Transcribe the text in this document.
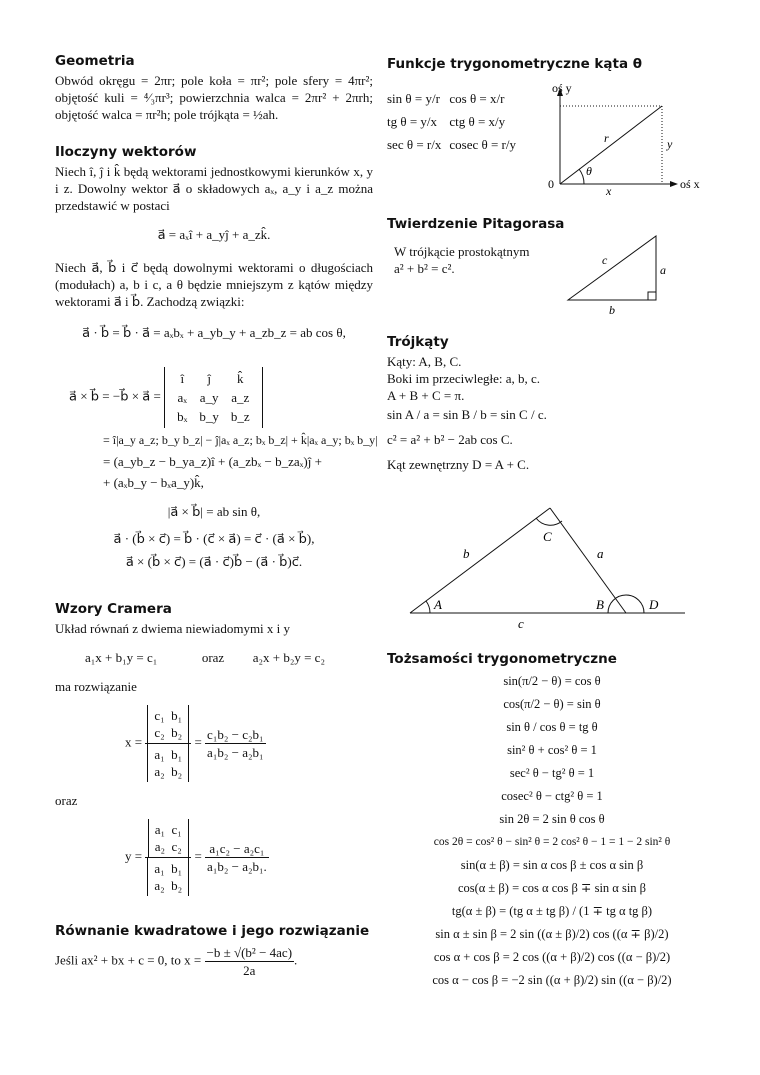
Geometria

Obwód okręgu = 2πr; pole koła = πr²; pole sfery = 4πr²; objętość kuli = ⁴⁄₃πr³; powierzchnia walca = 2πr² + 2πrh; objętość walca = πr²h; pole trójkąta = ½ah.

Iloczyny wektorów

Niech î, ĵ i k̂ będą wektorami jednostkowymi kierunków x, y i z. Dowolny wektor a⃗ o składowych aₓ, a_y i a_z można przedstawić w postaci

a⃗ = aₓî + a_yĵ + a_zk̂.

Niech a⃗, b⃗ i c⃗ będą dowolnymi wektorami o długościach (modułach) a, b i c, a θ będzie mniejszym z kątów między wektorami a⃗ i b⃗. Zachodzą związki:

a⃗ · b⃗ = b⃗ · a⃗ = aₓbₓ + a_yb_y + a_zb_z = ab cos θ,
a⃗ × b⃗ = −b⃗ × a⃗ =
î	ĵ	k̂
aₓ	a_y	a_z
bₓ	b_y	b_z
= î|a_y a_z; b_y b_z| − ĵ|aₓ a_z; bₓ b_z| + k̂|aₓ a_y; bₓ b_y|
= (a_yb_z − b_ya_z)î + (a_zbₓ − b_zaₓ)ĵ +
+ (aₓb_y − bₓa_y)k̂,
|a⃗ × b⃗| = ab sin θ,
a⃗ · (b⃗ × c⃗) = b⃗ · (c⃗ × a⃗) = c⃗ · (a⃗ × b⃗),
a⃗ × (b⃗ × c⃗) = (a⃗ · c⃗)b⃗ − (a⃗ · b⃗)c⃗.
Wzory Cramera

Układ równań z dwiema niewiadomymi x i y

a₁x + b₁y = c₁	oraz a₂x + b₂y = c₂

ma rozwiązanie

x =
c₁ b₁
c₂ b₂
a₁ b₁
a₂ b₂
= $\frac{\text{c₁b₂ − c₂b₁}}{\text{a₁b₂ − a₂b₁}}$

oraz

y =
a₁ c₁
a₂ c₂
a₁ b₁
a₂ b₂
= $\frac{\text{a₁c₂ − a₂c₁}}{\text{a₁b₂ − a₂b₁.}}$
Równanie kwadratowe i jego rozwiązanie
Jeśli ax² + bx + c = 0, to $x = \frac{\text{−b ± √(b² − 4ac)}}{2a}$ .
Funkcje trygonometryczne kąta θ
sin θ = y/r	cos θ = x/r
tg θ = y/x	ctg θ = x/y
sec θ = r/x	cosec θ = r/y
oś y
oś x
r	y
x
θ
0
Twierdzenie Pitagorasa
W trójkącie prostokątnym
a² + b² = c².
c
a
b
Trójkąty
Kąty: A, B, C.
Boki im przeciwległe: a, b, c.
A + B + C = π.
sin A / a = sin B / b = sin C / c.
c² = a² + b² − 2ab cos C.
Kąt zewnętrzny D = A + C.
A	B
C
D
a
b
c
Tożsamości trygonometryczne
sin(π/2 − θ) = cos θ
cos(π/2 − θ) = sin θ
sin θ / cos θ = tg θ
sin² θ + cos² θ = 1
sec² θ − tg² θ = 1
cosec² θ − ctg² θ = 1
sin 2θ = 2 sin θ cos θ
cos 2θ = cos² θ − sin² θ = 2 cos² θ − 1 = 1 − 2 sin² θ
sin(α ± β) = sin α cos β ± cos α sin β
cos(α ± β) = cos α cos β ∓ sin α sin β
tg(α ± β) = (tg α ± tg β) / (1 ∓ tg α tg β)
sin α ± sin β = 2 sin ((α ± β)/2) cos ((α ∓ β)/2)
cos α + cos β = 2 cos ((α + β)/2) cos ((α − β)/2)
cos α − cos β = −2 sin ((α + β)/2) sin ((α − β)/2)
